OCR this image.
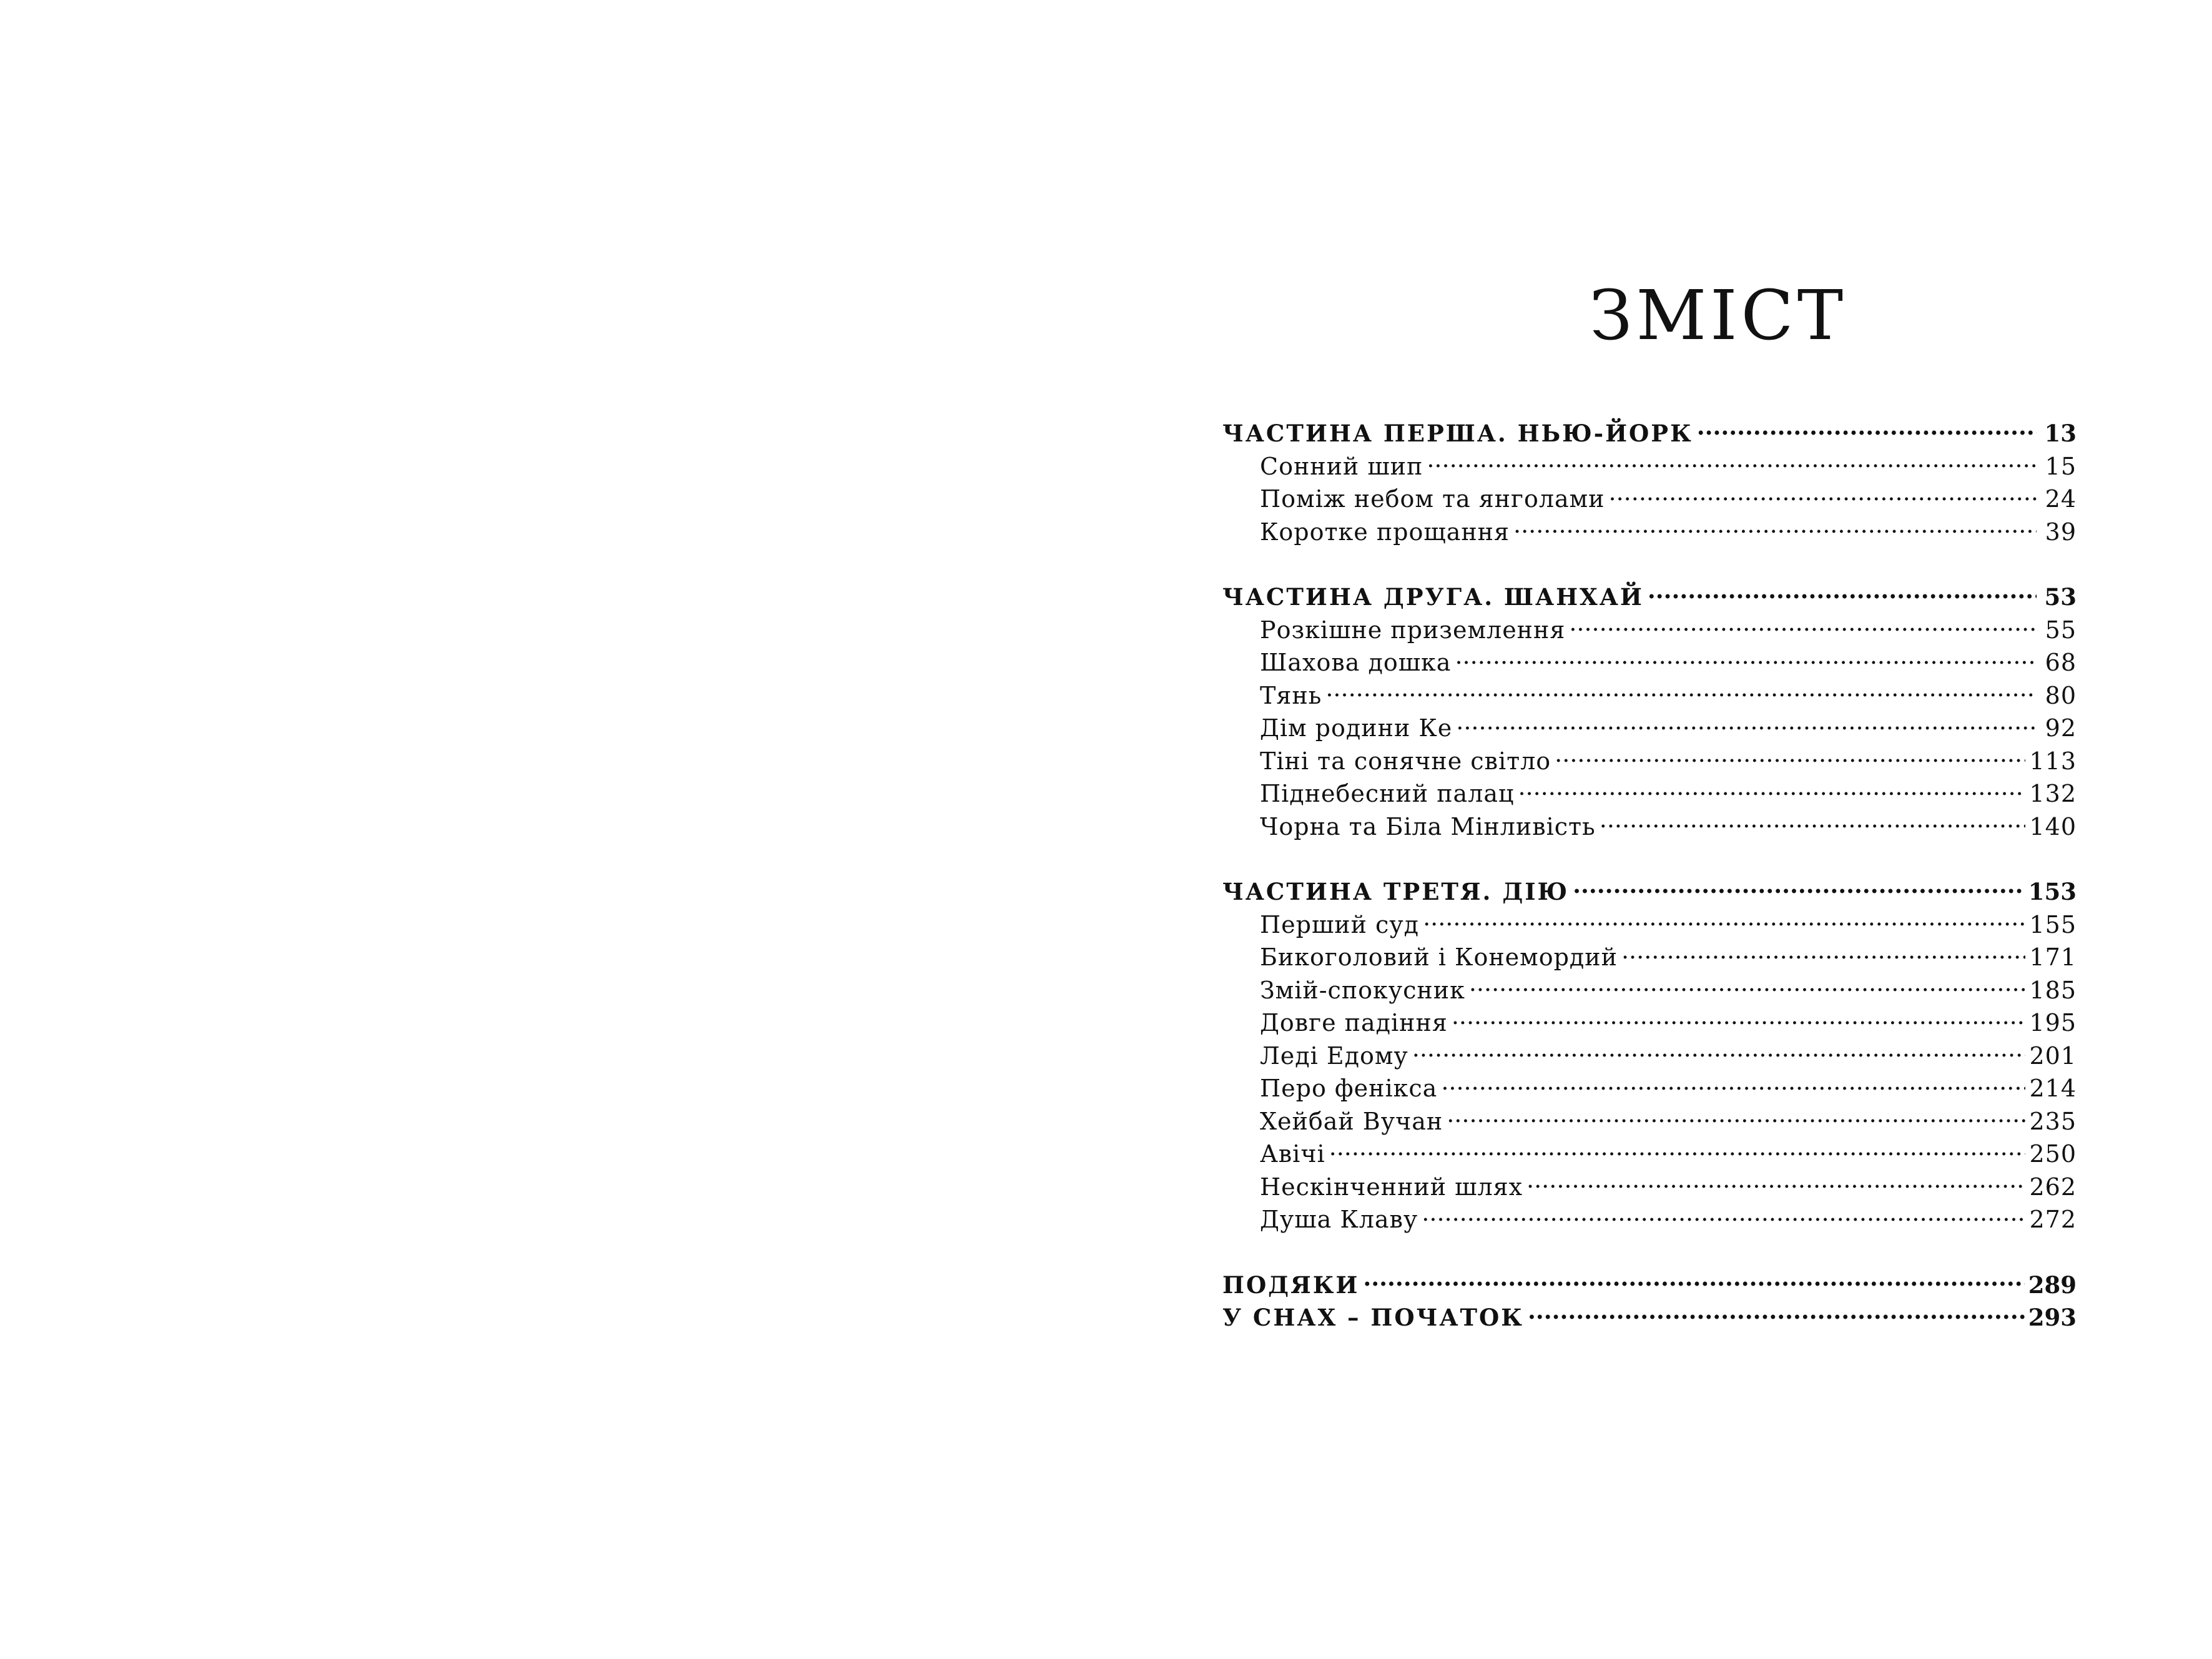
ЗМІСТ
ЧАСТИНА ПЕРША. НЬЮ-ЙОРК .....	13
Сонний шип .....	15
Поміж небом та янголами .....	24
Коротке прощання .....	39
ЧАСТИНА ДРУГА. ШАНХАЙ .....	53
Розкішне приземлення .....	55
Шахова дошка .....	68
Тянь .....	80
Дім родини Ке .....	92
Тіні та сонячне світло .....	113
Піднебесний палац .....	132
Чорна та Біла Мінливість .....	140
ЧАСТИНА ТРЕТЯ. ДІЮ .....	153
Перший суд .....	155
Бикоголовий і Конемордий .....	171
Змій-спокусник .....	185
Довге падіння .....	195
Леді Едому .....	201
Перо фенікса .....	214
Хейбай Вучан .....	235
Авічі .....	250
Нескінченний шлях .....	262
Душа Клаву .....	272
ПОДЯКИ .....	289
У СНАХ – ПОЧАТОК .....	293
